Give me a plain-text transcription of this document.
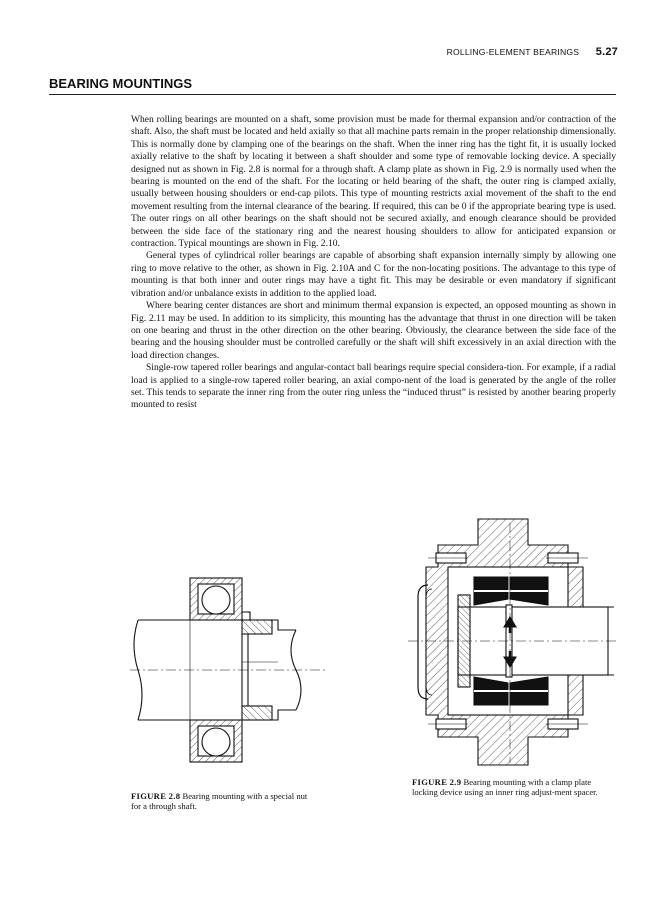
ROLLING-ELEMENT BEARINGS 5.27
BEARING MOUNTINGS

When rolling bearings are mounted on a shaft, some provision must be made for thermal expansion and/or contraction of the shaft. Also, the shaft must be located and held axially so that all machine parts remain in the proper relationship dimensionally. This is normally done by clamping one of the bearings on the shaft. When the inner ring has the tight fit, it is usually locked axially relative to the shaft by locating it between a shaft shoulder and some type of removable locking device. A specially designed nut as shown in Fig. 2.8 is normal for a through shaft. A clamp plate as shown in Fig. 2.9 is normally used when the bearing is mounted on the end of the shaft. For the locating or held bearing of the shaft, the outer ring is clamped axially, usually between housing shoulders or end-cap pilots. This type of mounting restricts axial movement of the shaft to the end movement resulting from the internal clearance of the bearing. If required, this can be 0 if the appropriate bearing type is used. The outer rings on all other bearings on the shaft should not be secured axially, and enough clearance should be provided between the side face of the stationary ring and the nearest housing shoulders to allow for anticipated expansion or contraction. Typical mountings are shown in Fig. 2.10.

General types of cylindrical roller bearings are capable of absorbing shaft expansion internally simply by allowing one ring to move relative to the other, as shown in Fig. 2.10A and C for the non-locating positions. The advantage to this type of mounting is that both inner and outer rings may have a tight fit. This may be desirable or even mandatory if significant vibration and/or unbalance exists in addition to the applied load.

Where bearing center distances are short and minimum thermal expansion is expected, an opposed mounting as shown in Fig. 2.11 may be used. In addition to its simplicity, this mounting has the advantage that thrust in one direction will be taken on one bearing and thrust in the other direction on the other bearing. Obviously, the clearance between the side face of the bearing and the housing shoulder must be controlled carefully or the shaft will shift excessively in an axial direction with the load direction changes.

Single-row tapered roller bearings and angular-contact ball bearings require special considera-tion. For example, if a radial load is applied to a single-row tapered roller bearing, an axial compo-nent of the load is generated by the angle of the roller set. This tends to separate the inner ring from the outer ring unless the “induced thrust” is resisted by another bearing properly mounted to resist

FIGURE 2.8 Bearing mounting with a special nut for a through shaft.
FIGURE 2.9 Bearing mounting with a clamp plate locking device using an inner ring adjust-ment spacer.
